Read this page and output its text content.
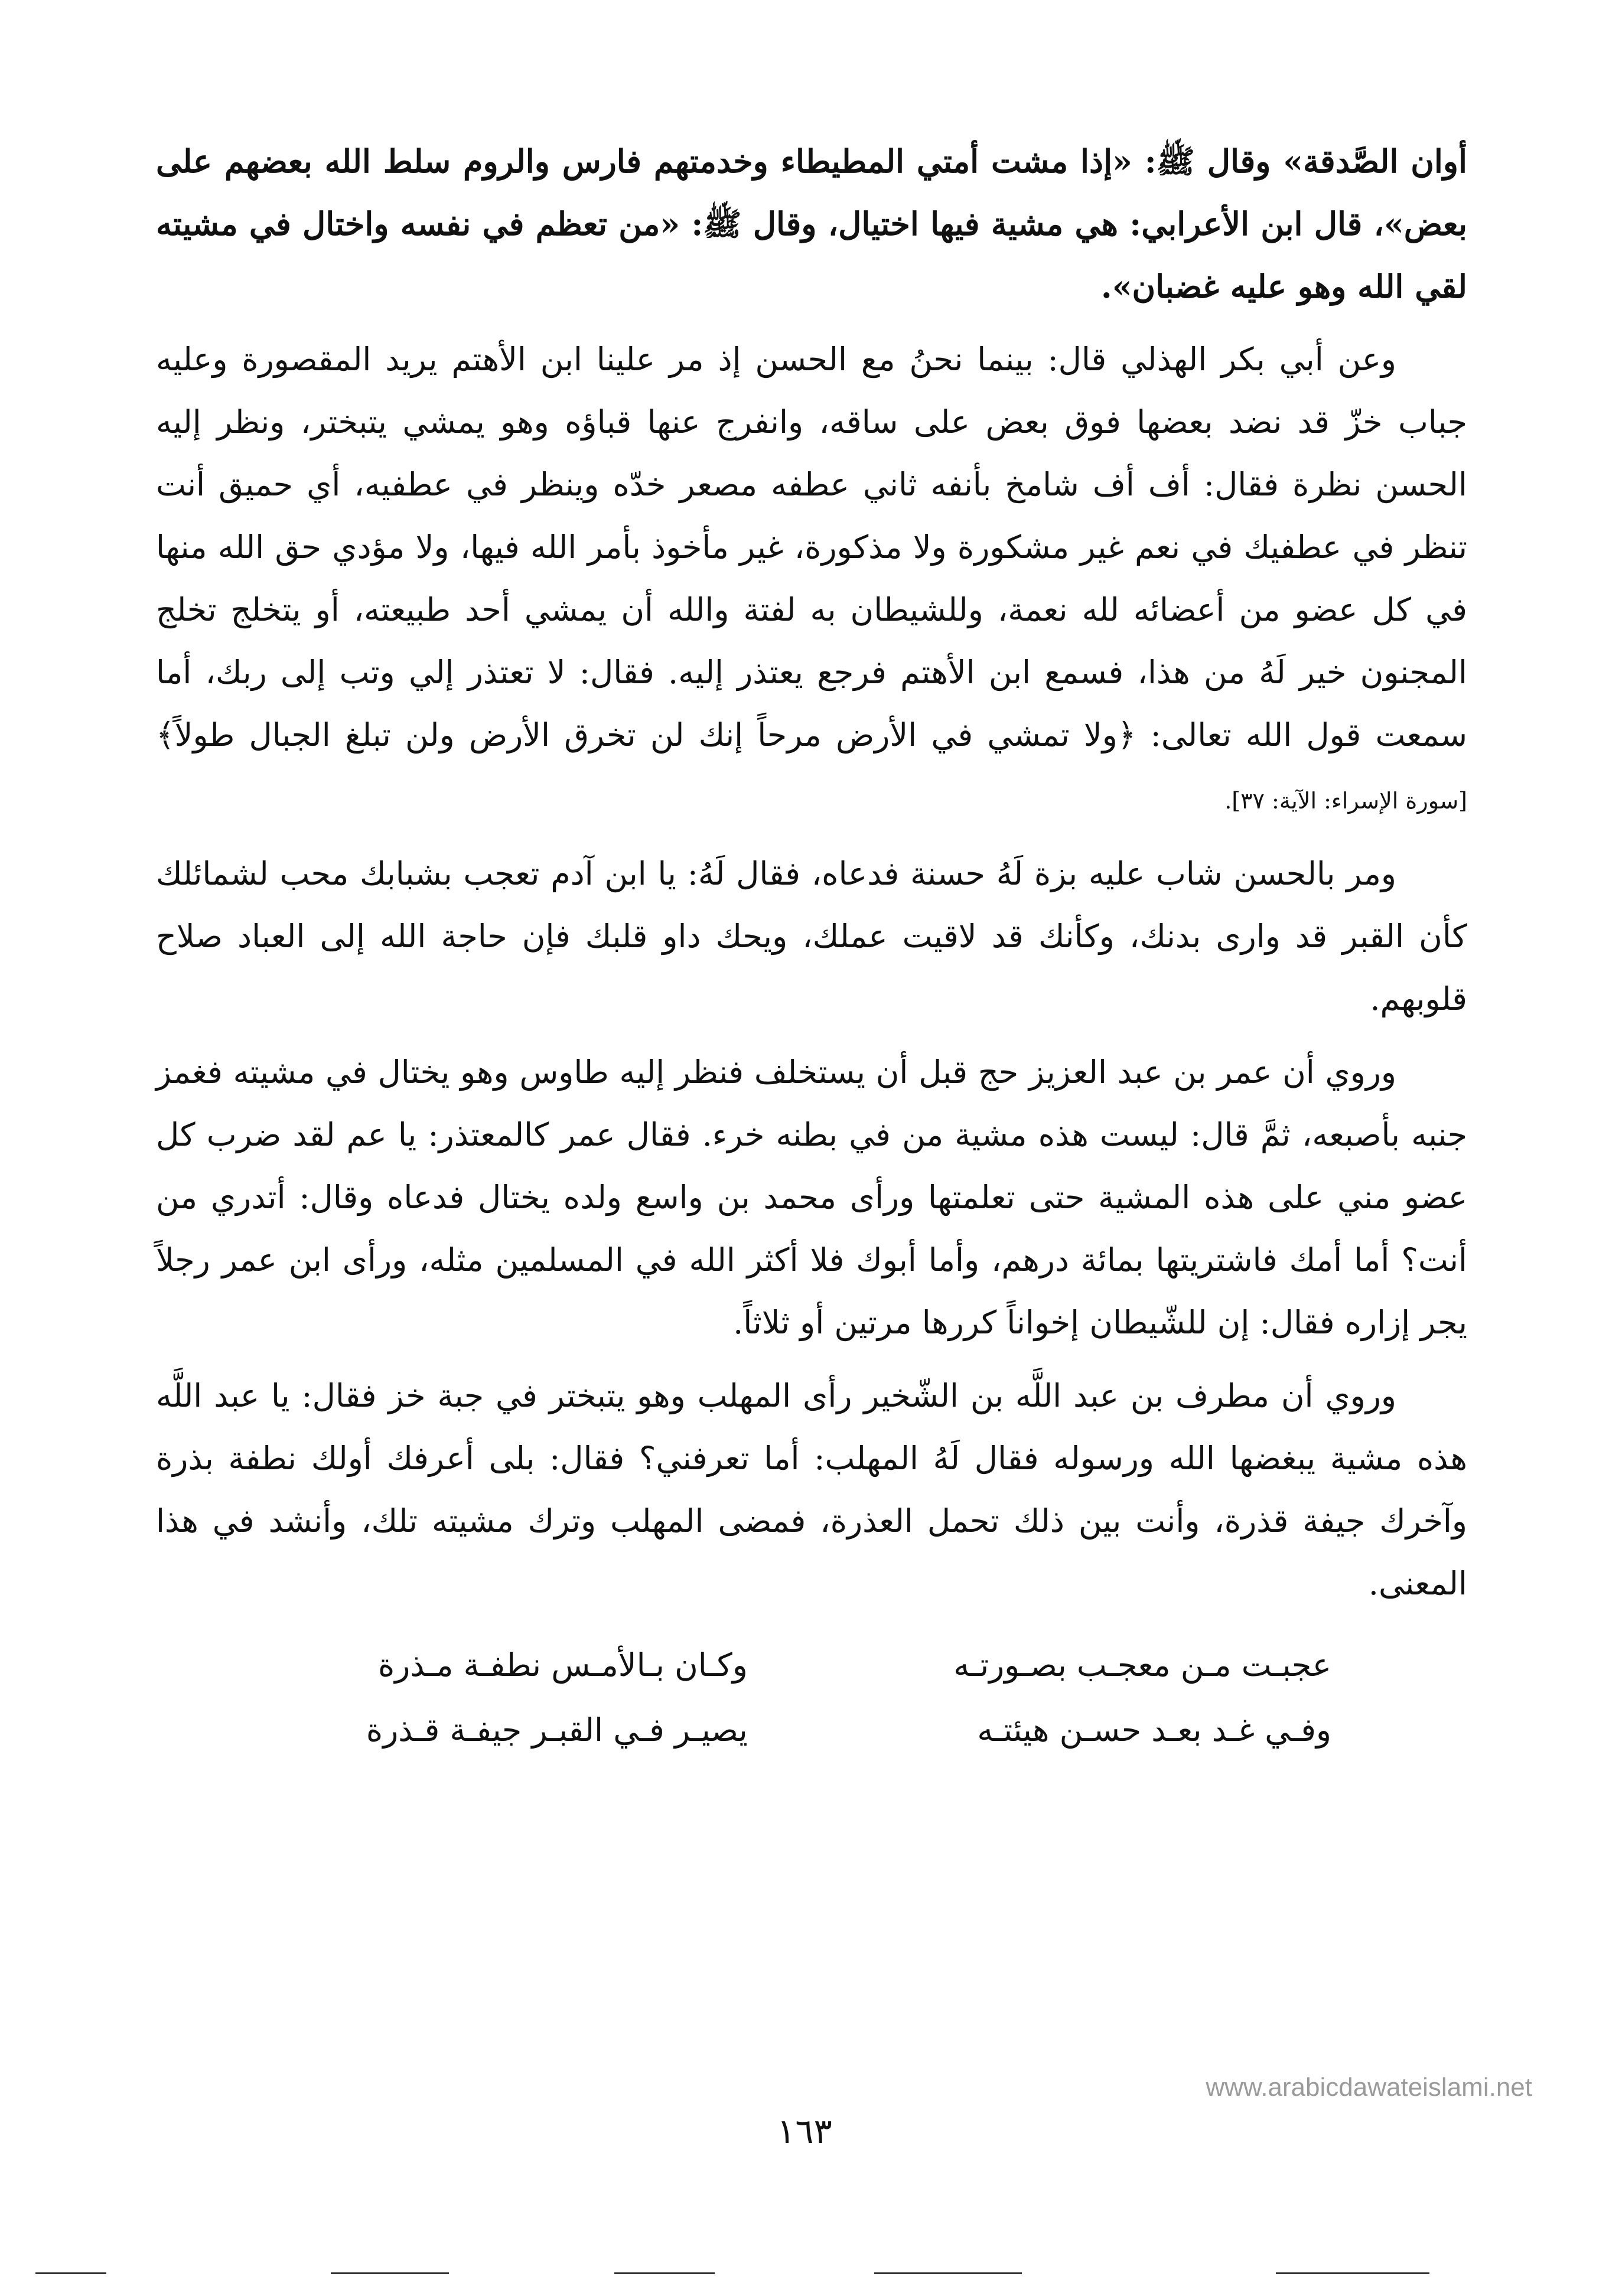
أوان الصَّدقة» وقال ﷺ: «إذا مشت أمتي المطيطاء وخدمتهم فارس والروم سلط الله بعضهم على بعض»، قال ابن الأعرابي: هي مشية فيها اختيال، وقال ﷺ: «من تعظم في نفسه واختال في مشيته لقي الله وهو عليه غضبان».

وعن أبي بكر الهذلي قال: بينما نحنُ مع الحسن إذ مر علينا ابن الأهتم يريد المقصورة وعليه جباب خزّ قد نضد بعضها فوق بعض على ساقه، وانفرج عنها قباؤه وهو يمشي يتبختر، ونظر إليه الحسن نظرة فقال: أف أف شامخ بأنفه ثاني عطفه مصعر خدّه وينظر في عطفيه، أي حميق أنت تنظر في عطفيك في نعم غير مشكورة ولا مذكورة، غير مأخوذ بأمر الله فيها، ولا مؤدي حق الله منها في كل عضو من أعضائه لله نعمة، وللشيطان به لفتة والله أن يمشي أحد طبيعته، أو يتخلج تخلج المجنون خير لَهُ من هذا، فسمع ابن الأهتم فرجع يعتذر إليه. فقال: لا تعتذر إلي وتب إلى ربك، أما سمعت قول الله تعالى: ﴿ولا تمشي في الأرض مرحاً إنك لن تخرق الأرض ولن تبلغ الجبال طولاً﴾ [سورة الإسراء: الآية: ٣٧].

ومر بالحسن شاب عليه بزة لَهُ حسنة فدعاه، فقال لَهُ: يا ابن آدم تعجب بشبابك محب لشمائلك كأن القبر قد وارى بدنك، وكأنك قد لاقيت عملك، ويحك داو قلبك فإن حاجة الله إلى العباد صلاح قلوبهم.

وروي أن عمر بن عبد العزيز حج قبل أن يستخلف فنظر إليه طاوس وهو يختال في مشيته فغمز جنبه بأصبعه، ثمَّ قال: ليست هذه مشية من في بطنه خرء. فقال عمر كالمعتذر: يا عم لقد ضرب كل عضو مني على هذه المشية حتى تعلمتها ورأى محمد بن واسع ولده يختال فدعاه وقال: أتدري من أنت؟ أما أمك فاشتريتها بمائة درهم، وأما أبوك فلا أكثر الله في المسلمين مثله، ورأى ابن عمر رجلاً يجر إزاره فقال: إن للشّيطان إخواناً كررها مرتين أو ثلاثاً.

وروي أن مطرف بن عبد اللَّه بن الشّخير رأى المهلب وهو يتبختر في جبة خز فقال: يا عبد اللَّه هذه مشية يبغضها الله ورسوله فقال لَهُ المهلب: أما تعرفني؟ فقال: بلى أعرفك أولك نطفة بذرة وآخرك جيفة قذرة، وأنت بين ذلك تحمل العذرة، فمضى المهلب وترك مشيته تلك، وأنشد في هذا المعنى.

عجبـت مـن معجـب بصـورتـه
وكـان بـالأمـس نطفـة مـذرة
وفـي غـد بعـد حسـن هيئتـه
يصيـر فـي القبـر جيفـة قـذرة
www.arabicdawateislami.net
١٦٣
